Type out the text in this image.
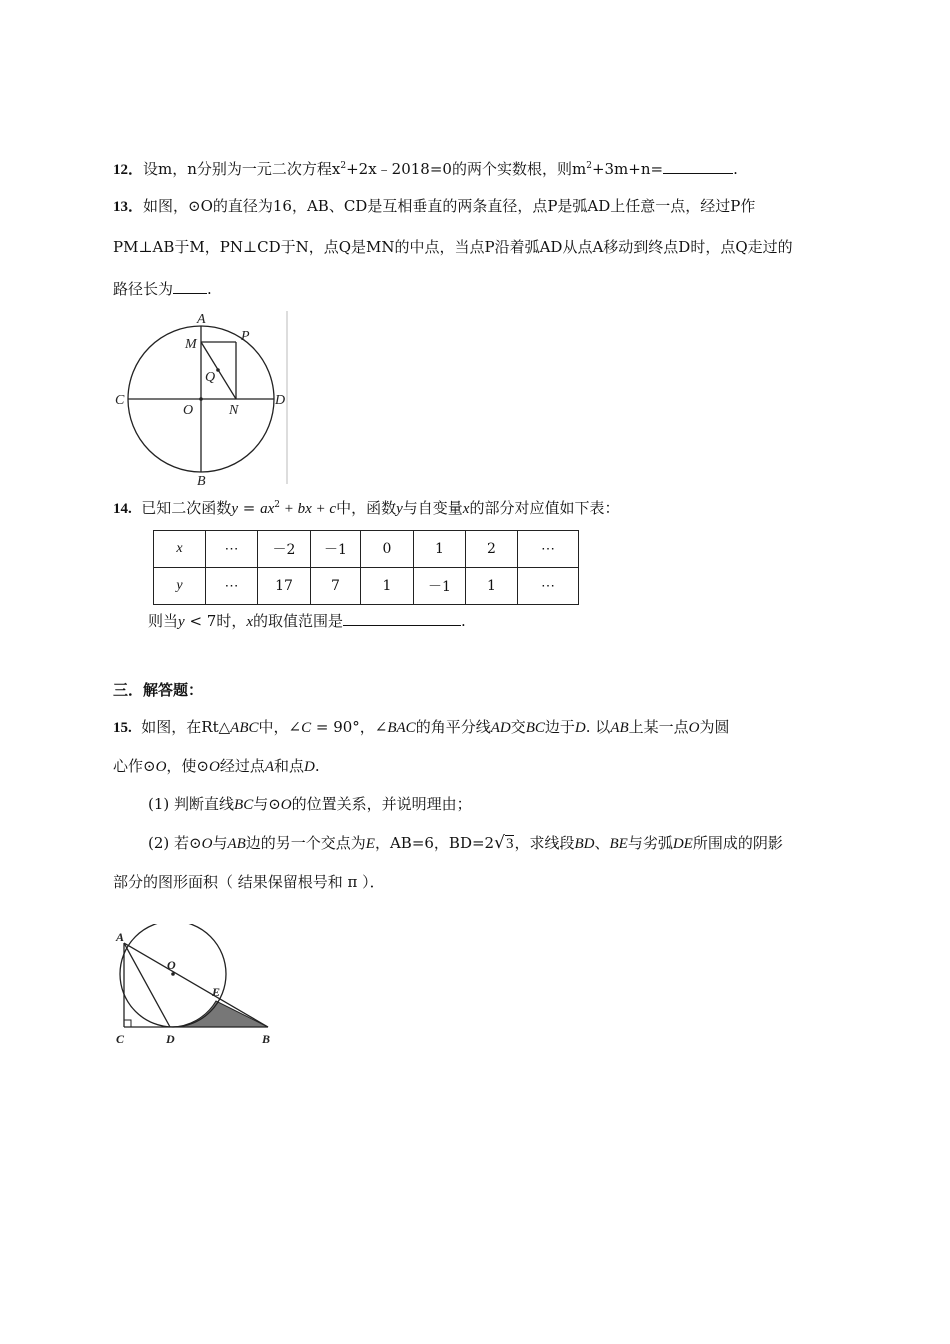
12．设m，n分别为一元二次方程$x^2+2x﹣2018=0$的两个实数根，则$m^2+3m+n=$	.
13．如图，⊙O的直径为16，AB、CD是互相垂直的两条直径，点P是弧AD上任意一点，经过P作
PM⊥AB于M，PN⊥CD于N，点Q是MN的中点，当点P沿着弧AD从点A移动到终点D时，点Q走过的
路径长为 .
A
B
C	D
O
M
N
P
Q
14. 已知二次函数$y = ax^2$ + bx + c中，函数y与自变量x的部分对应值如下表：
x	⋯	－2	－1	0	1	2	⋯
y	⋯	17	7	1	－1	1	⋯
则当y < 7时，x的取值范围是	.
三．解答题：
15. 如图，在Rt△ABC中，∠C = 90°，∠BAC的角平分线AD交BC边于D. 以AB上某一点O为圆
心作⊙O，使⊙O经过点A和点D.
(1) 判断直线BC与⊙O的位置关系，并说明理由；
(2) 若⊙O与AB边的另一个交点为E，AB=6，BD=2√3，求线段BD、BE与劣弧DE所围成的阴影
部分的图形面积（ 结果保留根号和 π ）．
A
O
E
C	D	B
